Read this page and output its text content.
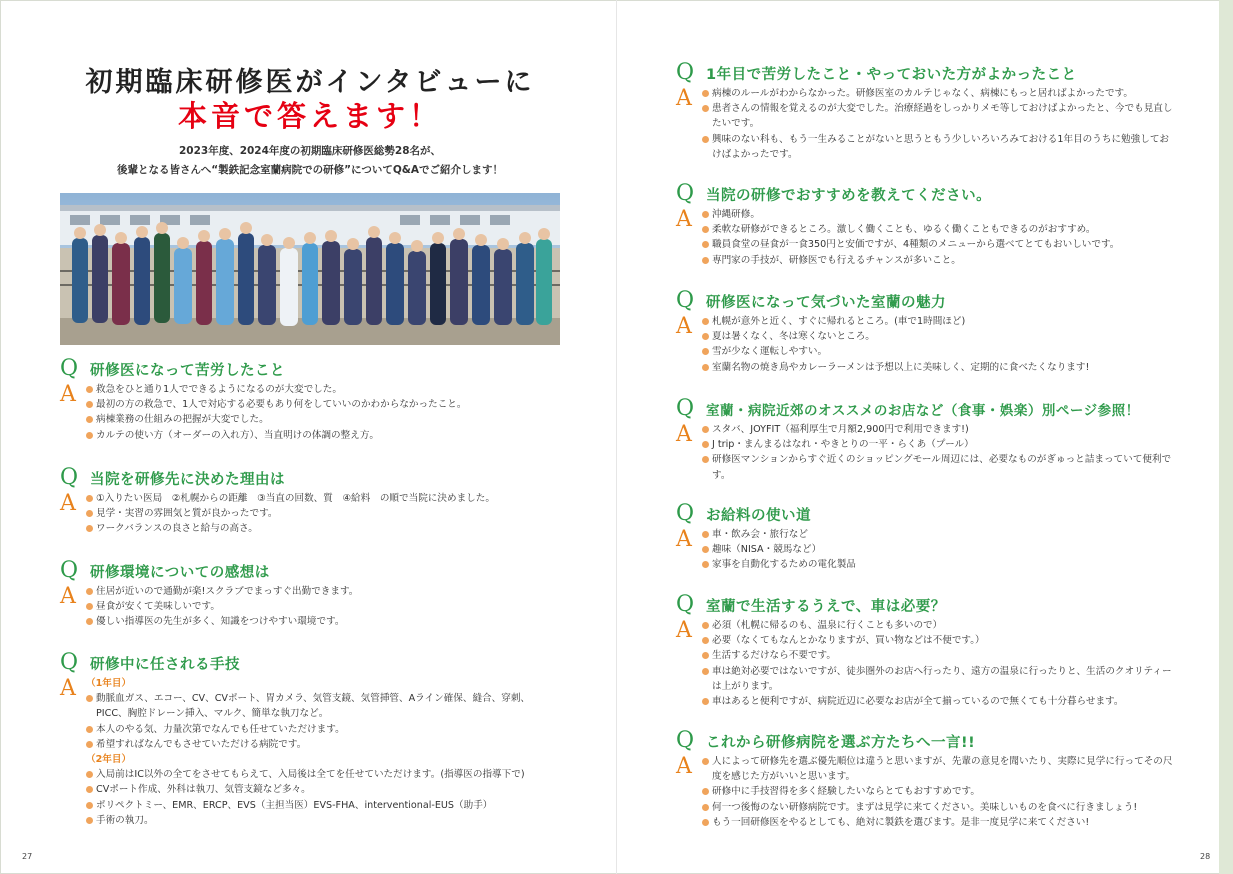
初期臨床研修医がインタビューに
本音で答えます！
2023年度、2024年度の初期臨床研修医総勢28名が、
後輩となる皆さんへ“製鉄記念室蘭病院での研修”についてQ&Aでご紹介します！
Q 研修医になって苦労したこと
A	救急をひと通り1人でできるようになるのが大変でした。
最初の方の救急で、1人で対応する必要もあり何をしていいのかわからなかったこと。
病棟業務の仕組みの把握が大変でした。
カルテの使い方（オーダーの入れ方）、当直明けの体調の整え方。
Q 当院を研修先に決めた理由は
A	①入りたい医局　②札幌からの距離　③当直の回数、質　④給料　の順で当院に決めました。
見学・実習の雰囲気と質が良かったです。
ワークバランスの良さと給与の高さ。
Q 研修環境についての感想は
A	住居が近いので通勤が楽!スクラブでまっすぐ出勤できます。
昼食が安くて美味しいです。
優しい指導医の先生が多く、知識をつけやすい環境です。
Q 研修中に任される手技
A （1年目）
動脈血ガス、エコー、CV、CVポート、胃カメラ、気管支鏡、気管挿管、Aライン確保、縫合、穿刺、PICC、胸腔ドレーン挿入、マルク、簡単な執刀など。
本人のやる気、力量次第でなんでも任せていただけます。
希望すればなんでもさせていただける病院です。
（2年目）
入局前はIC以外の全てをさせてもらえて、入局後は全てを任せていただけます。(指導医の指導下で)
CVポート作成、外科は執刀、気管支鏡など多々。
ポリペクトミー、EMR、ERCP、EVS（主担当医）EVS-FHA、interventional-EUS（助手）
手術の執刀。
Q 1年目で苦労したこと・やっておいた方がよかったこと
A	病棟のルールがわからなかった。研修医室のカルテじゃなく、病棟にもっと居ればよかったです。
患者さんの情報を覚えるのが大変でした。治療経過をしっかりメモ等しておけばよかったと、今でも見直したいです。
興味のない科も、もう一生みることがないと思うともう少しいろいろみておける1年目のうちに勉強しておけばよかったです。
Q 当院の研修でおすすめを教えてください。
A	沖縄研修。
柔軟な研修ができるところ。激しく働くことも、ゆるく働くこともできるのがおすすめ。
職員食堂の昼食が一食350円と安価ですが、4種類のメニューから選べてとてもおいしいです。
専門家の手技が、研修医でも行えるチャンスが多いこと。
Q 研修医になって気づいた室蘭の魅力
A	札幌が意外と近く、すぐに帰れるところ。(車で1時間ほど)
夏は暑くなく、冬は寒くないところ。
雪が少なく運転しやすい。
室蘭名物の焼き鳥やカレーラーメンは予想以上に美味しく、定期的に食べたくなります!
Q 室蘭・病院近郊のオススメのお店など（食事・娯楽）別ページ参照！
A	スタバ、JOYFIT（福利厚生で月額2,900円で利用できます!)
J trip・まんまるはなれ・やきとりの一平・らくあ（プール）
研修医マンションからすぐ近くのショッピングモール周辺には、必要なものがぎゅっと詰まっていて便利です。
Q お給料の使い道
A	車・飲み会・旅行など
趣味（NISA・競馬など）
家事を自動化するための電化製品
Q 室蘭で生活するうえで、車は必要？
A	必須（札幌に帰るのも、温泉に行くことも多いので）
必要（なくてもなんとかなりますが、買い物などは不便です。）
生活するだけなら不要です。
車は絶対必要ではないですが、徒歩圏外のお店へ行ったり、遠方の温泉に行ったりと、生活のクオリティーは上がります。
車はあると便利ですが、病院近辺に必要なお店が全て揃っているので無くても十分暮らせます。
Q これから研修病院を選ぶ方たちへ一言!!
A	人によって研修先を選ぶ優先順位は違うと思いますが、先輩の意見を聞いたり、実際に見学に行ってその尺度を感じた方がいいと思います。
研修中に手技習得を多く経験したいならとてもおすすめです。
何一つ後悔のない研修病院です。まずは見学に来てください。美味しいものを食べに行きましょう!
もう一回研修医をやるとしても、絶対に製鉄を選びます。是非一度見学に来てください!
27	28
